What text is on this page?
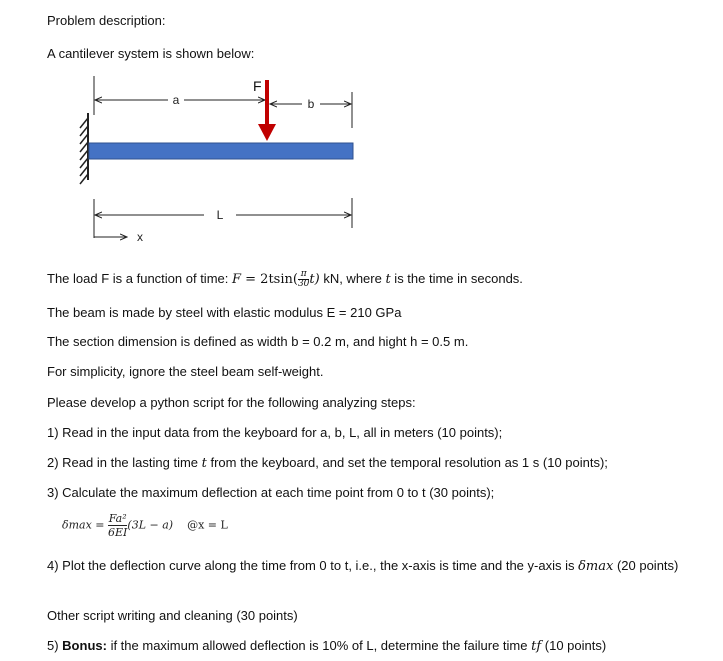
Problem description:
A cantilever system is shown below:
a	b
F
L
x
The load F is a function of time: $F = 2tsin( \frac{\pi}{30} t)$ kN, where t is the time in seconds.
The beam is made by steel with elastic modulus E = 210 GPa
The section dimension is defined as width b = 0.2 m, and hight h = 0.5 m.
For simplicity, ignore the steel beam self-weight.
Please develop a python script for the following analyzing steps:
1) Read in the input data from the keyboard for a, b, L, all in meters (10 points);
2) Read in the lasting time t from the keyboard, and set the temporal resolution as 1 s (10 points);
3) Calculate the maximum deflection at each time point from 0 to t (30 points);
$\delta\max = \frac{\text{Fa²}}{6EI} (3L - a)$ @x = L
4) Plot the deflection curve along the time from 0 to t, i.e., the x-axis is time and the y-axis is δmax (20 points)
Other script writing and cleaning (30 points)
5) Bonus: if the maximum allowed deflection is 10% of L, determine the failure time tf (10 points)
